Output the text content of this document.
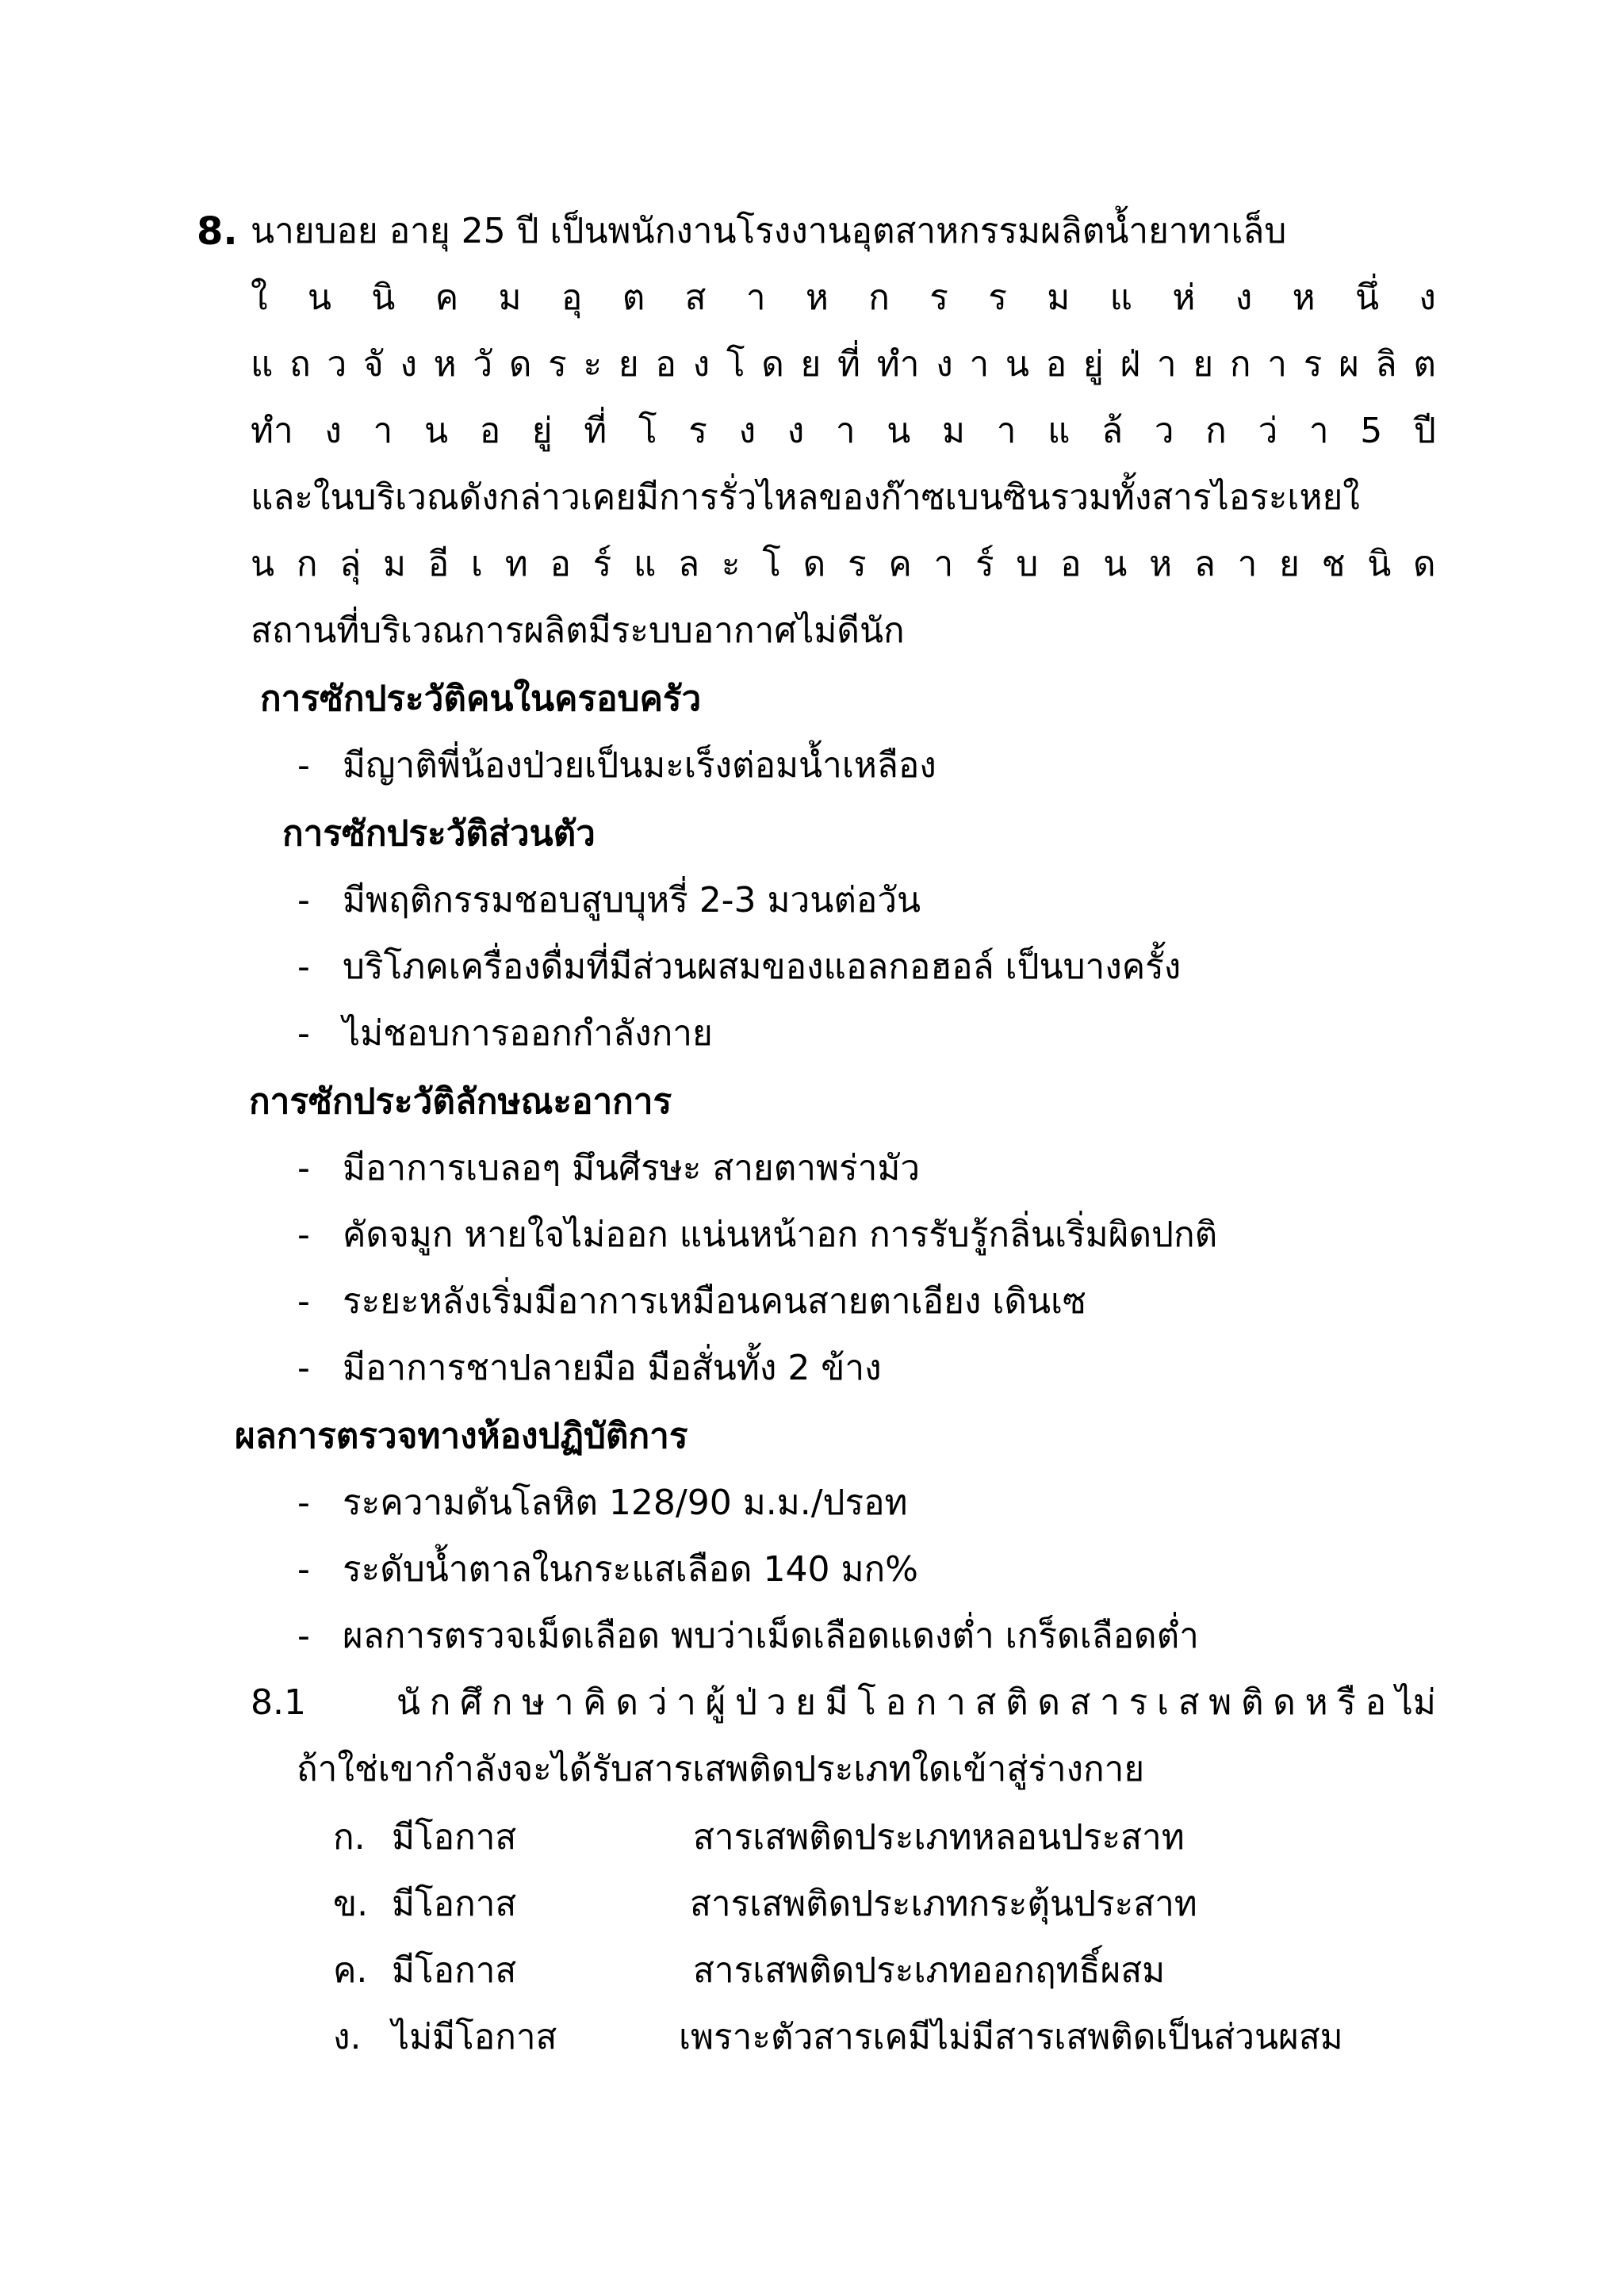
8. นายบอย อายุ 25 ปี เป็นพนักงานโรงงานอุตสาหกรรมผลิตน้ำยาทาเล็บ
ใ น นิ ค ม อุ ต ส า ห ก ร ร ม แ ห่ ง ห นึ่ ง
แ ถ ว จั ง ห วั ด ร ะ ย อ ง โ ด ย ที่ ทำ ง า น อ ยู่ ฝ่ า ย ก า ร ผ ลิ ต
ทำ ง า น อ ยู่ ที่ โ ร ง ง า น ม า แ ล้ ว ก ว่ า 5 ปี
และในบริเวณดังกล่าวเคยมีการรั่วไหลของก๊าซเบนซินรวมทั้งสารไอระเหยใ
น ก ลุ่ ม อี เ ท อ ร์ แ ล ะ โ ด ร ค า ร์ บ อ น ห ล า ย ช นิ ด
สถานที่บริเวณการผลิตมีระบบอากาศไม่ดีนัก
การซักประวัติคนในครอบครัว
- มีญาติพี่น้องป่วยเป็นมะเร็งต่อมน้ำเหลือง
การซักประวัติส่วนตัว
- มีพฤติกรรมชอบสูบบุหรี่ 2-3 มวนต่อวัน
- บริโภคเครื่องดื่มที่มีส่วนผสมของแอลกอฮอล์ เป็นบางครั้ง
- ไม่ชอบการออกกำลังกาย
การซักประวัติลักษณะอาการ
- มีอาการเบลอๆ มึนศีรษะ สายตาพร่ามัว
- คัดจมูก หายใจไม่ออก แน่นหน้าอก การรับรู้กลิ่นเริ่มผิดปกติ
- ระยะหลังเริ่มมีอาการเหมือนคนสายตาเอียง เดินเซ
- มีอาการชาปลายมือ มือสั่นทั้ง 2 ข้าง
ผลการตรวจทางห้องปฏิบัติการ
- ระความดันโลหิต 128/90 ม.ม./ปรอท
- ระดับน้ำตาลในกระแสเลือด 140 มก%
- ผลการตรวจเม็ดเลือด พบว่าเม็ดเลือดแดงต่ำ เกร็ดเลือดต่ำ
8.1	นั ก ศึ ก ษ า คิ ด ว่ า ผู้ ป่ ว ย มี โ อ ก า ส ติ ด ส า ร เ ส พ ติ ด ห รื อ ไม่
ถ้าใช่เขากำลังจะได้รับสารเสพติดประเภทใดเข้าสู่ร่างกาย
ก. มีโอกาส	สารเสพติดประเภทหลอนประสาท
ข. มีโอกาส	สารเสพติดประเภทกระตุ้นประสาท
ค. มีโอกาส	สารเสพติดประเภทออกฤทธิ์ผสม
ง. ไม่มีโอกาส	เพราะตัวสารเคมีไม่มีสารเสพติดเป็นส่วนผสม
